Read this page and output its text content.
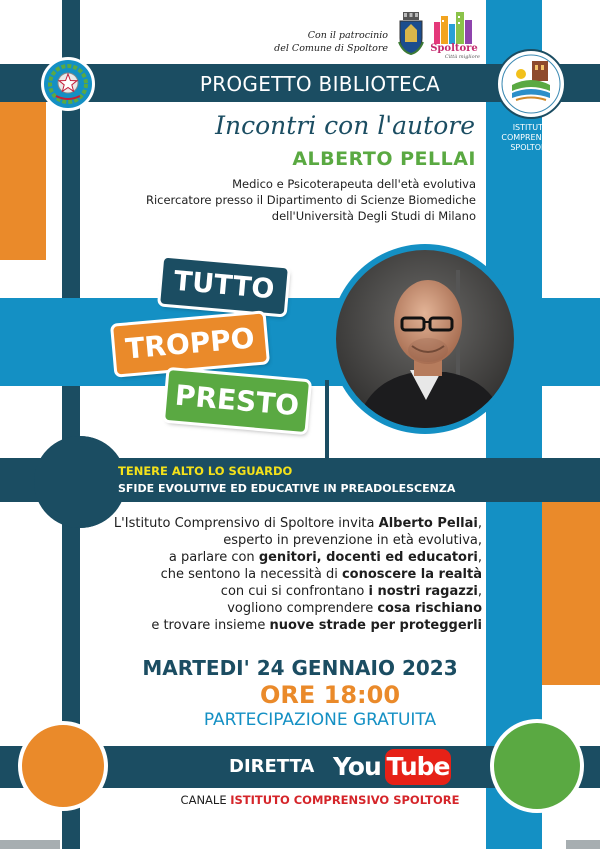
Con il patrocinio
del Comune di Spoltore	Spoltore
Città migliore
PROGETTO BIBLIOTECA
ISTITUTO
COMPRENSIVO
SPOLTORE
Incontri con l'autore
ALBERTO PELLAI
Medico e Psicoterapeuta dell'età evolutiva
Ricercatore presso il Dipartimento di Scienze Biomediche
dell'Università Degli Studi di Milano
TUTTO
TROPPO
PRESTO
TENERE ALTO LO SGUARDO
SFIDE EVOLUTIVE ED EDUCATIVE IN PREADOLESCENZA
L'Istituto Comprensivo di Spoltore invita Alberto Pellai,
esperto in prevenzione in età evolutiva,
a parlare con genitori, docenti ed educatori,
che sentono la necessità di conoscere la realtà
con cui si confrontano i nostri ragazzi,
vogliono comprendere cosa rischiano
e trovare insieme nuove strade per proteggerli
MARTEDI' 24 GENNAIO 2023
ORE 18:00
PARTECIPAZIONE GRATUITA
DIRETTA You Tube
CANALE ISTITUTO COMPRENSIVO SPOLTORE
